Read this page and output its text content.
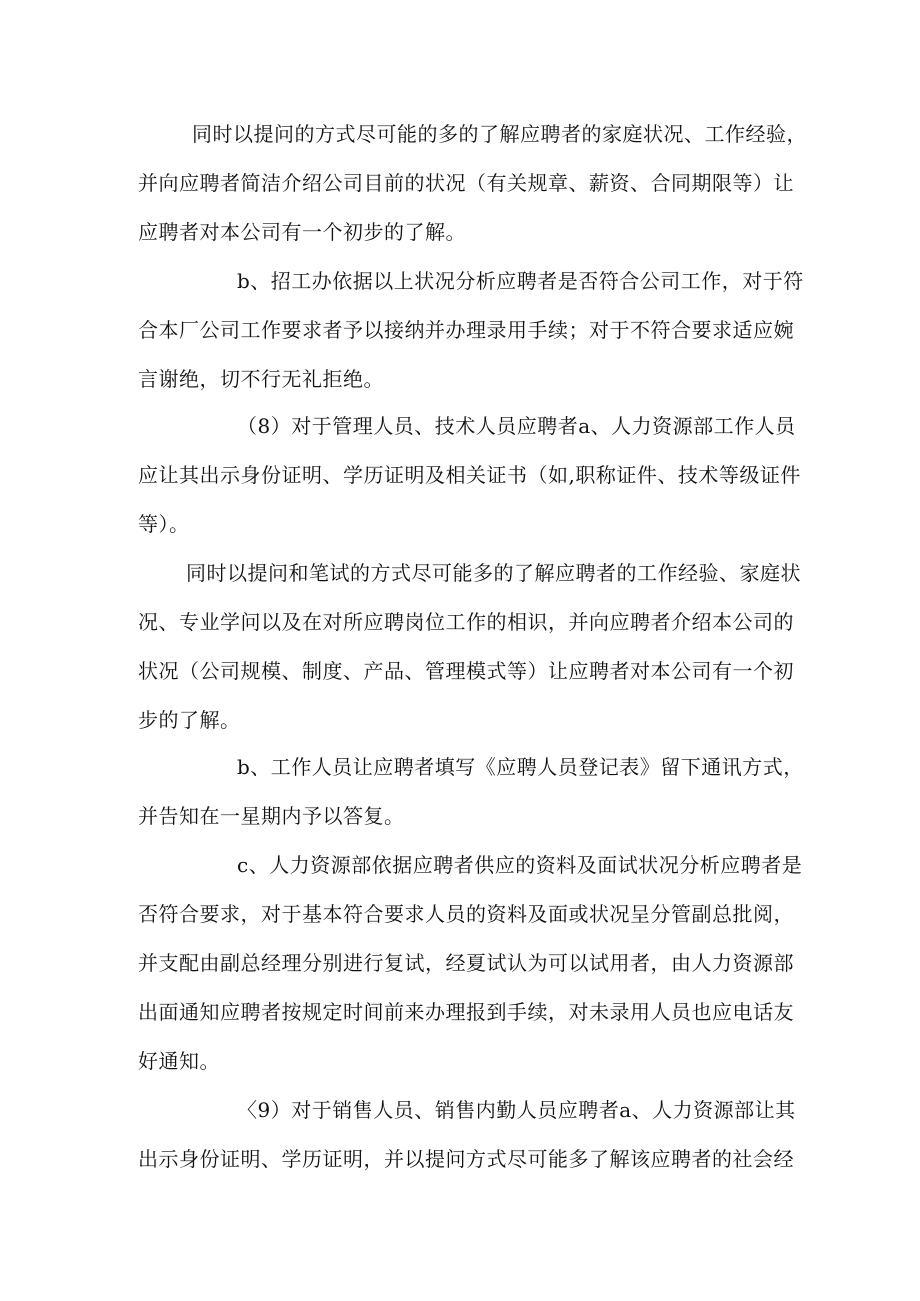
同时以提问的方式尽可能的多的了解应聘者的家庭状况、工作经验，
并向应聘者简洁介绍公司目前的状况（有关规章、薪资、合同期限等）让
应聘者对本公司有一个初步的了解。
b、招工办依据以上状况分析应聘者是否符合公司工作，对于符
合本厂公司工作要求者予以接纳并办理录用手续；对于不符合要求适应婉
言谢绝，切不行无礼拒绝。
（8）对于管理人员、技术人员应聘者a、人力资源部工作人员
应让其出示身份证明、学历证明及相关证书（如,职称证件、技术等级证件
等）。
同时以提问和笔试的方式尽可能多的了解应聘者的工作经验、家庭状
况、专业学问以及在对所应聘岗位工作的相识，并向应聘者介绍本公司的
状况（公司规模、制度、产品、管理模式等）让应聘者对本公司有一个初
步的了解。
b、工作人员让应聘者填写《应聘人员登记表》留下通讯方式，
并告知在一星期内予以答复。
c、人力资源部依据应聘者供应的资料及面试状况分析应聘者是
否符合要求，对于基本符合要求人员的资料及面或状况呈分管副总批阅，
并支配由副总经理分别进行复试，经夏试认为可以试用者，由人力资源部
出面通知应聘者按规定时间前来办理报到手续，对未录用人员也应电话友
好通知。
〈9）对于销售人员、销售内勤人员应聘者a、人力资源部让其
出示身份证明、学历证明，并以提问方式尽可能多了解该应聘者的社会经
